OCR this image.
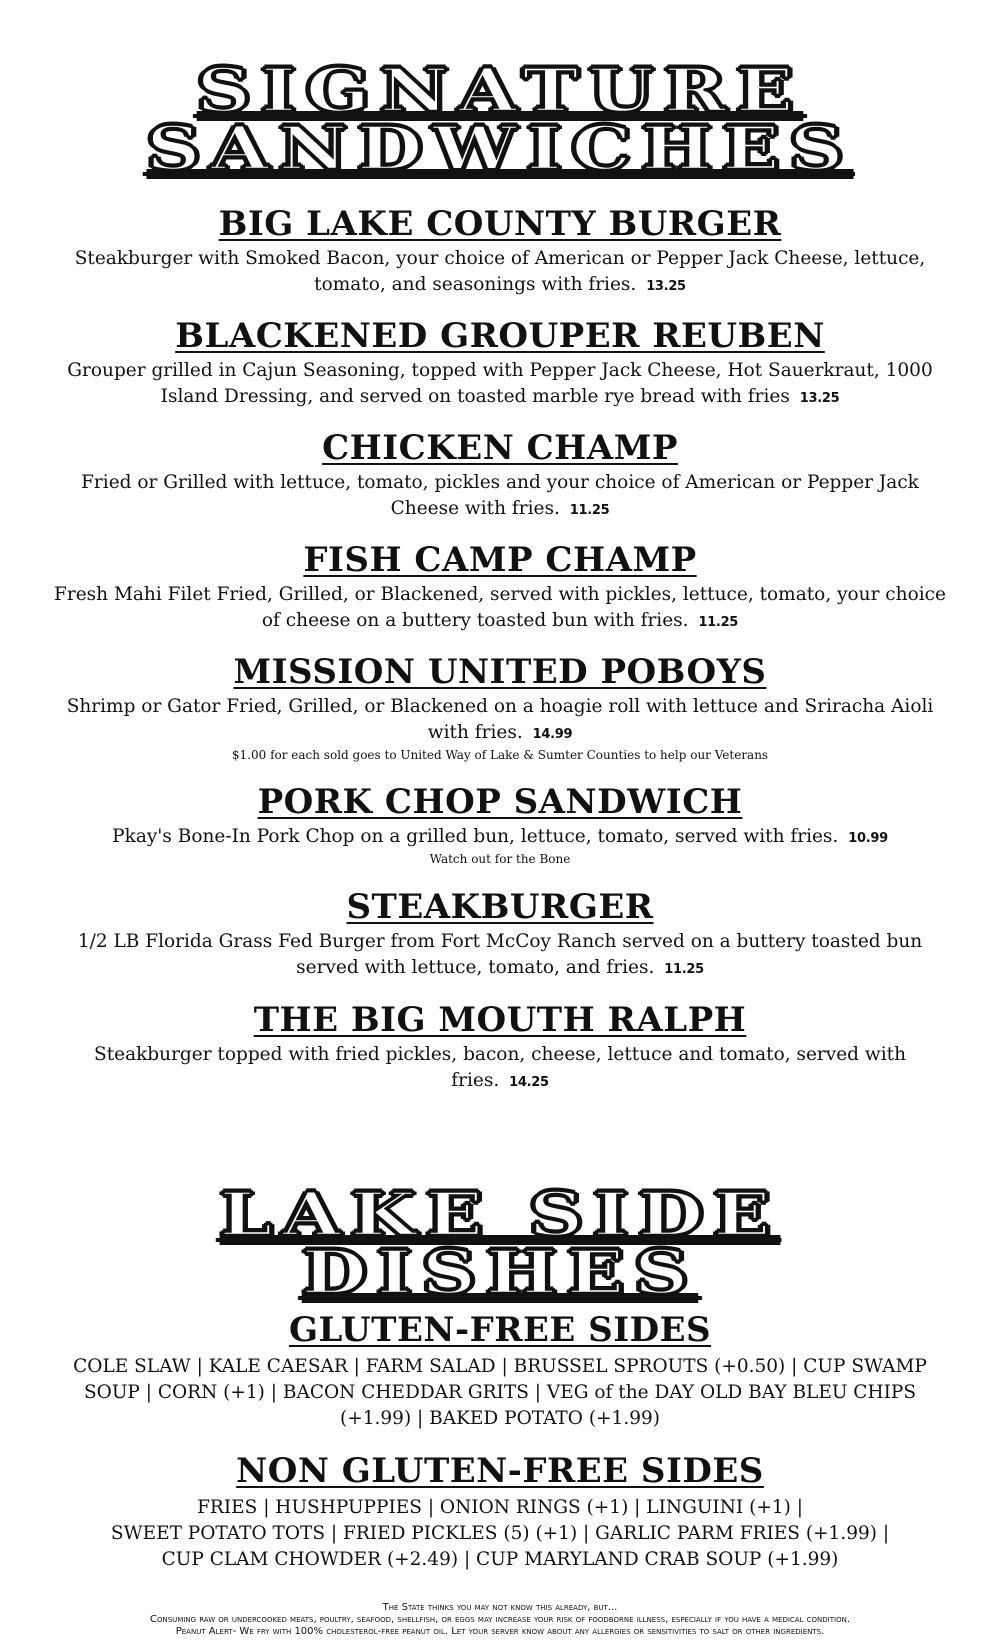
SIGNATURE
SANDWICHES
BIG LAKE COUNTY BURGER
Steakburger with Smoked Bacon, your choice of American or Pepper Jack Cheese, lettuce,
tomato, and seasonings with fries. 13.25
BLACKENED GROUPER REUBEN
Grouper grilled in Cajun Seasoning, topped with Pepper Jack Cheese, Hot Sauerkraut, 1000
Island Dressing, and served on toasted marble rye bread with fries 13.25
CHICKEN CHAMP
Fried or Grilled with lettuce, tomato, pickles and your choice of American or Pepper Jack
Cheese with fries. 11.25
FISH CAMP CHAMP
Fresh Mahi Filet Fried, Grilled, or Blackened, served with pickles, lettuce, tomato, your choice
of cheese on a buttery toasted bun with fries. 11.25
MISSION UNITED POBOYS
Shrimp or Gator Fried, Grilled, or Blackened on a hoagie roll with lettuce and Sriracha Aioli
with fries. 14.99
$1.00 for each sold goes to United Way of Lake & Sumter Counties to help our Veterans
PORK CHOP SANDWICH
Pkay's Bone-In Pork Chop on a grilled bun, lettuce, tomato, served with fries. 10.99
Watch out for the Bone
STEAKBURGER
1/2 LB Florida Grass Fed Burger from Fort McCoy Ranch served on a buttery toasted bun
served with lettuce, tomato, and fries. 11.25
THE BIG MOUTH RALPH
Steakburger topped with fried pickles, bacon, cheese, lettuce and tomato, served with
fries. 14.25
LAKE SIDE
DISHES
GLUTEN-FREE SIDES
COLE SLAW | KALE CAESAR | FARM SALAD | BRUSSEL SPROUTS (+0.50) | CUP SWAMP
SOUP | CORN (+1) | BACON CHEDDAR GRITS | VEG of the DAY OLD BAY BLEU CHIPS
(+1.99) | BAKED POTATO (+1.99)
NON GLUTEN-FREE SIDES
FRIES | HUSHPUPPIES | ONION RINGS (+1) | LINGUINI (+1) |
SWEET POTATO TOTS | FRIED PICKLES (5) (+1) | GARLIC PARM FRIES (+1.99) |
CUP CLAM CHOWDER (+2.49) | CUP MARYLAND CRAB SOUP (+1.99)
The State thinks you may not know this already, but...
Consuming raw or undercooked meats, poultry, seafood, shellfish, or eggs may increase your risk of foodborne illness, especially if you have a medical condition.
Peanut Alert- We fry with 100% cholesterol-free peanut oil. Let your server know about any allergies or sensitivities to salt or other ingredients.
